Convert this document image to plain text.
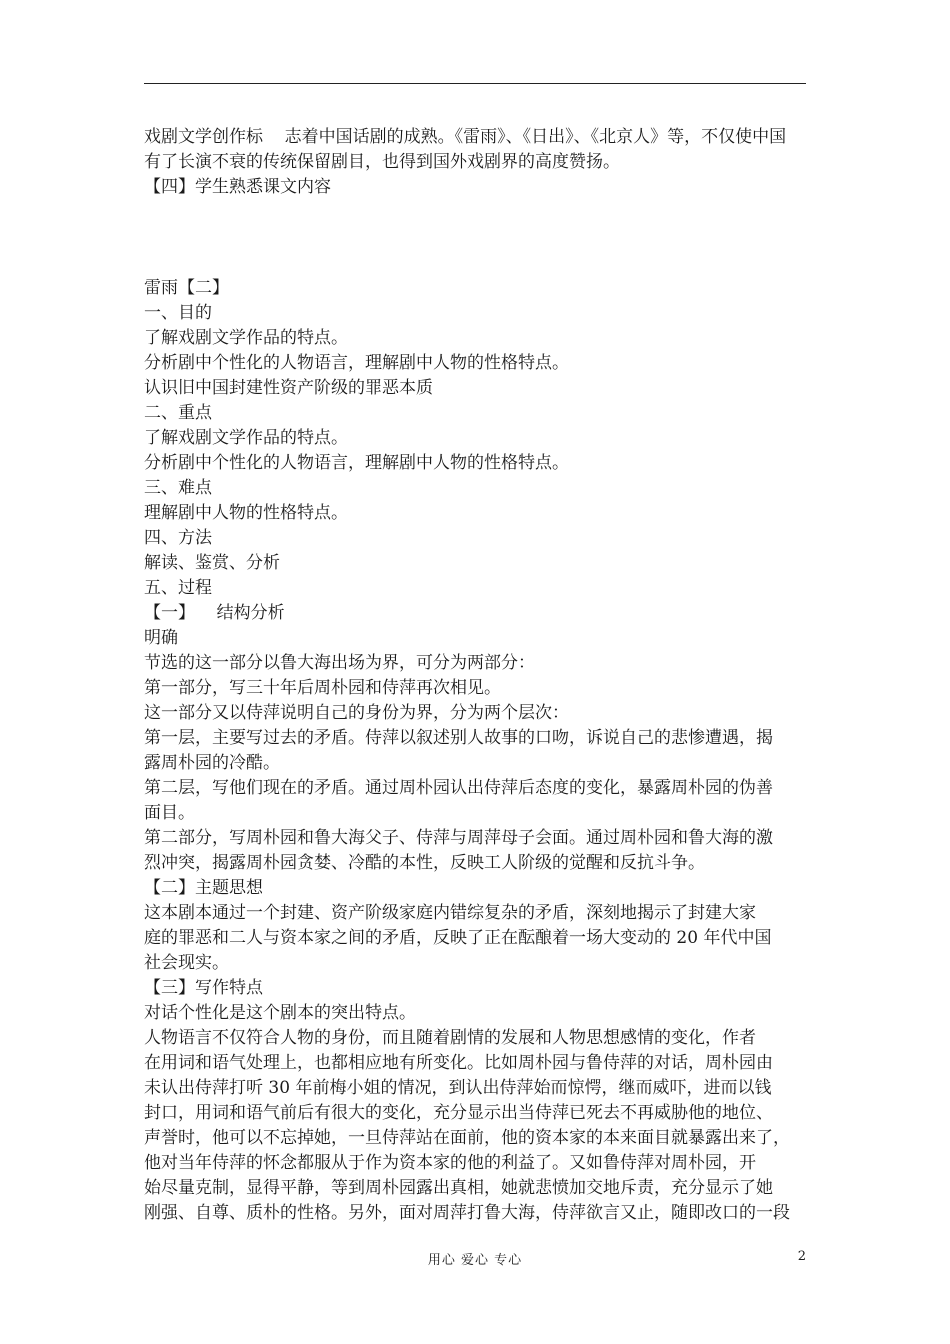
戏剧文学创作标    志着中国话剧的成熟。《雷雨》、《日出》、《北京人》等，不仅使中国

有了长演不衰的传统保留剧目，也得到国外戏剧界的高度赞扬。

【四】学生熟悉课文内容

雷雨【二】

一、目的

了解戏剧文学作品的特点。

分析剧中个性化的人物语言，理解剧中人物的性格特点。

认识旧中国封建性资产阶级的罪恶本质

二、重点

了解戏剧文学作品的特点。

分析剧中个性化的人物语言，理解剧中人物的性格特点。

三、难点

理解剧中人物的性格特点。

四、方法

解读、鉴赏、分析

五、过程

【一】    结构分析

明确

节选的这一部分以鲁大海出场为界，可分为两部分：

第一部分，写三十年后周朴园和侍萍再次相见。

这一部分又以侍萍说明自己的身份为界，分为两个层次：

第一层，主要写过去的矛盾。侍萍以叙述别人故事的口吻，诉说自己的悲惨遭遇，揭

露周朴园的冷酷。

第二层，写他们现在的矛盾。通过周朴园认出侍萍后态度的变化，暴露周朴园的伪善

面目。

第二部分，写周朴园和鲁大海父子、侍萍与周萍母子会面。通过周朴园和鲁大海的激

烈冲突，揭露周朴园贪婪、冷酷的本性，反映工人阶级的觉醒和反抗斗争。

【二】主题思想

这本剧本通过一个封建、资产阶级家庭内错综复杂的矛盾，深刻地揭示了封建大家

庭的罪恶和二人与资本家之间的矛盾，反映了正在酝酿着一场大变动的 20 年代中国

社会现实。

【三】写作特点

对话个性化是这个剧本的突出特点。

人物语言不仅符合人物的身份，而且随着剧情的发展和人物思想感情的变化，作者

在用词和语气处理上，也都相应地有所变化。比如周朴园与鲁侍萍的对话，周朴园由

未认出侍萍打听 30 年前梅小姐的情况，到认出侍萍始而惊愕，继而威吓，进而以钱

封口，用词和语气前后有很大的变化，充分显示出当侍萍已死去不再威胁他的地位、

声誉时，他可以不忘掉她，一旦侍萍站在面前，他的资本家的本来面目就暴露出来了，

他对当年侍萍的怀念都服从于作为资本家的他的利益了。又如鲁侍萍对周朴园，开

始尽量克制，显得平静，等到周朴园露出真相，她就悲愤加交地斥责，充分显示了她

刚强、自尊、质朴的性格。另外，面对周萍打鲁大海，侍萍欲言又止，随即改口的一段

用心 爱心 专心	2
